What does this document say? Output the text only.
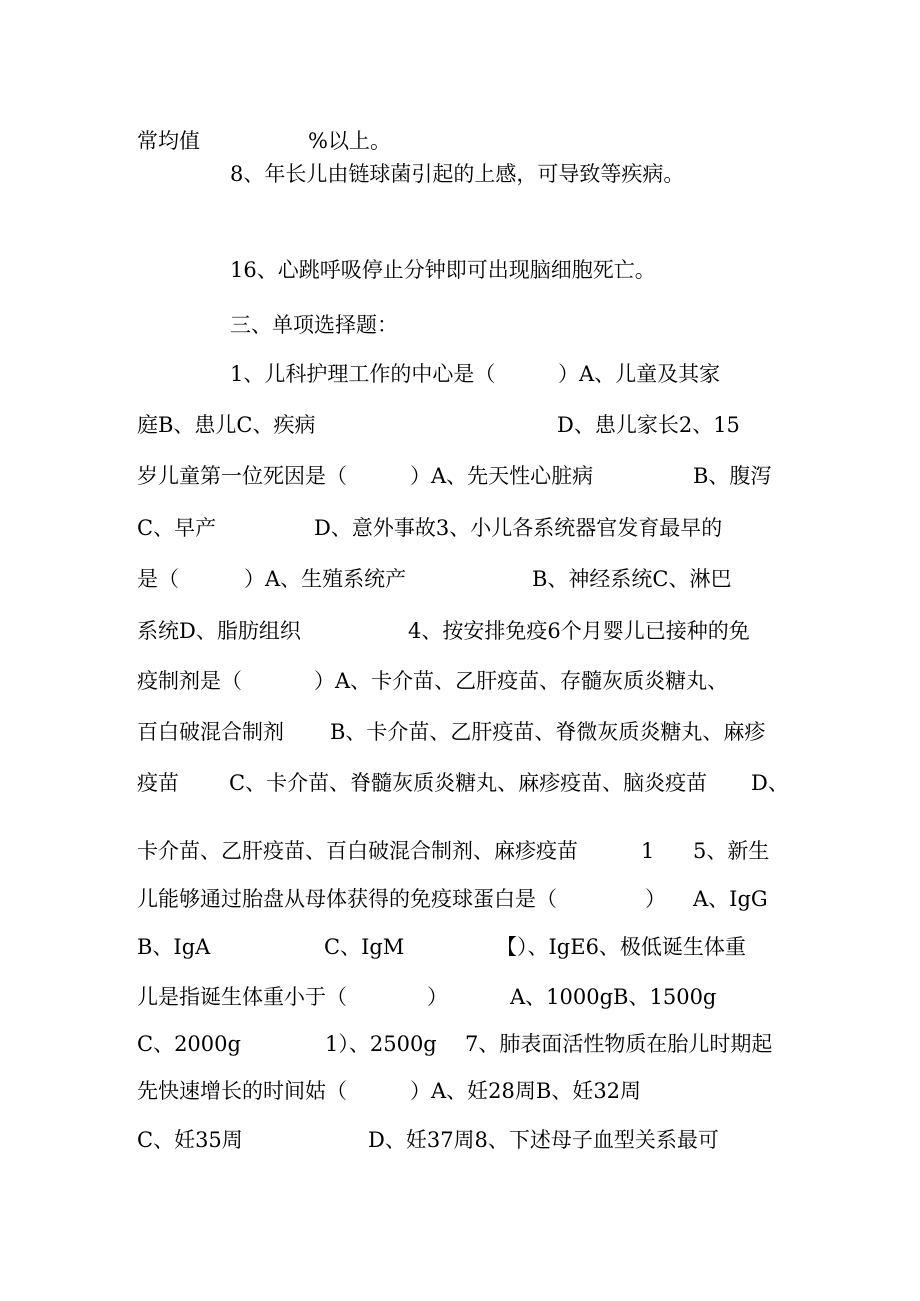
常均值

	%以上。

8、年长儿由链球菌引起的上感，可导致等疾病。

16、心跳呼吸停止分钟即可出现脑细胞死亡。

三、单项选择题：

1、儿科护理工作的中心是（

	）A、儿童及其家

庭B、患儿C、疾病

	D、患儿家长2、15

岁儿童第一位死因是（

	）A、先天性心脏病

	B、腹泻

C、早产

	D、意外事故3、小儿各系统器官发育最早的

是（

	）A、生殖系统产

	B、神经系统C、淋巴

系统D、脂肪组织

	4、按安排免疫6个月婴儿已接种的免

疫制剂是（

	）A、卡介苗、乙肝疫苗、存髓灰质炎糖丸、

百白破混合制剂

B、卡介苗、乙肝疫苗、脊微灰质炎糖丸、麻疹

疫苗

C、卡介苗、脊髓灰质炎糖丸、麻疹疫苗、脑炎疫苗

D、

卡介苗、乙肝疫苗、百白破混合制剂、麻疹疫苗

	1

5、新生

儿能够通过胎盘从母体获得的免疫球蛋白是（

	）

A、IgG

B、IgA

	C、IgM

	【）、IgE6、极低诞生体重

儿是指诞生体重小于（

	）

	A、1000gB、1500g

C、2000g

	1）、2500g

7、肺表面活性物质在胎儿时期起

先快速增长的时间姑（

	）A、妊28周B、妊32周

C、妊35周

	D、妊37周8、下述母子血型关系最可
